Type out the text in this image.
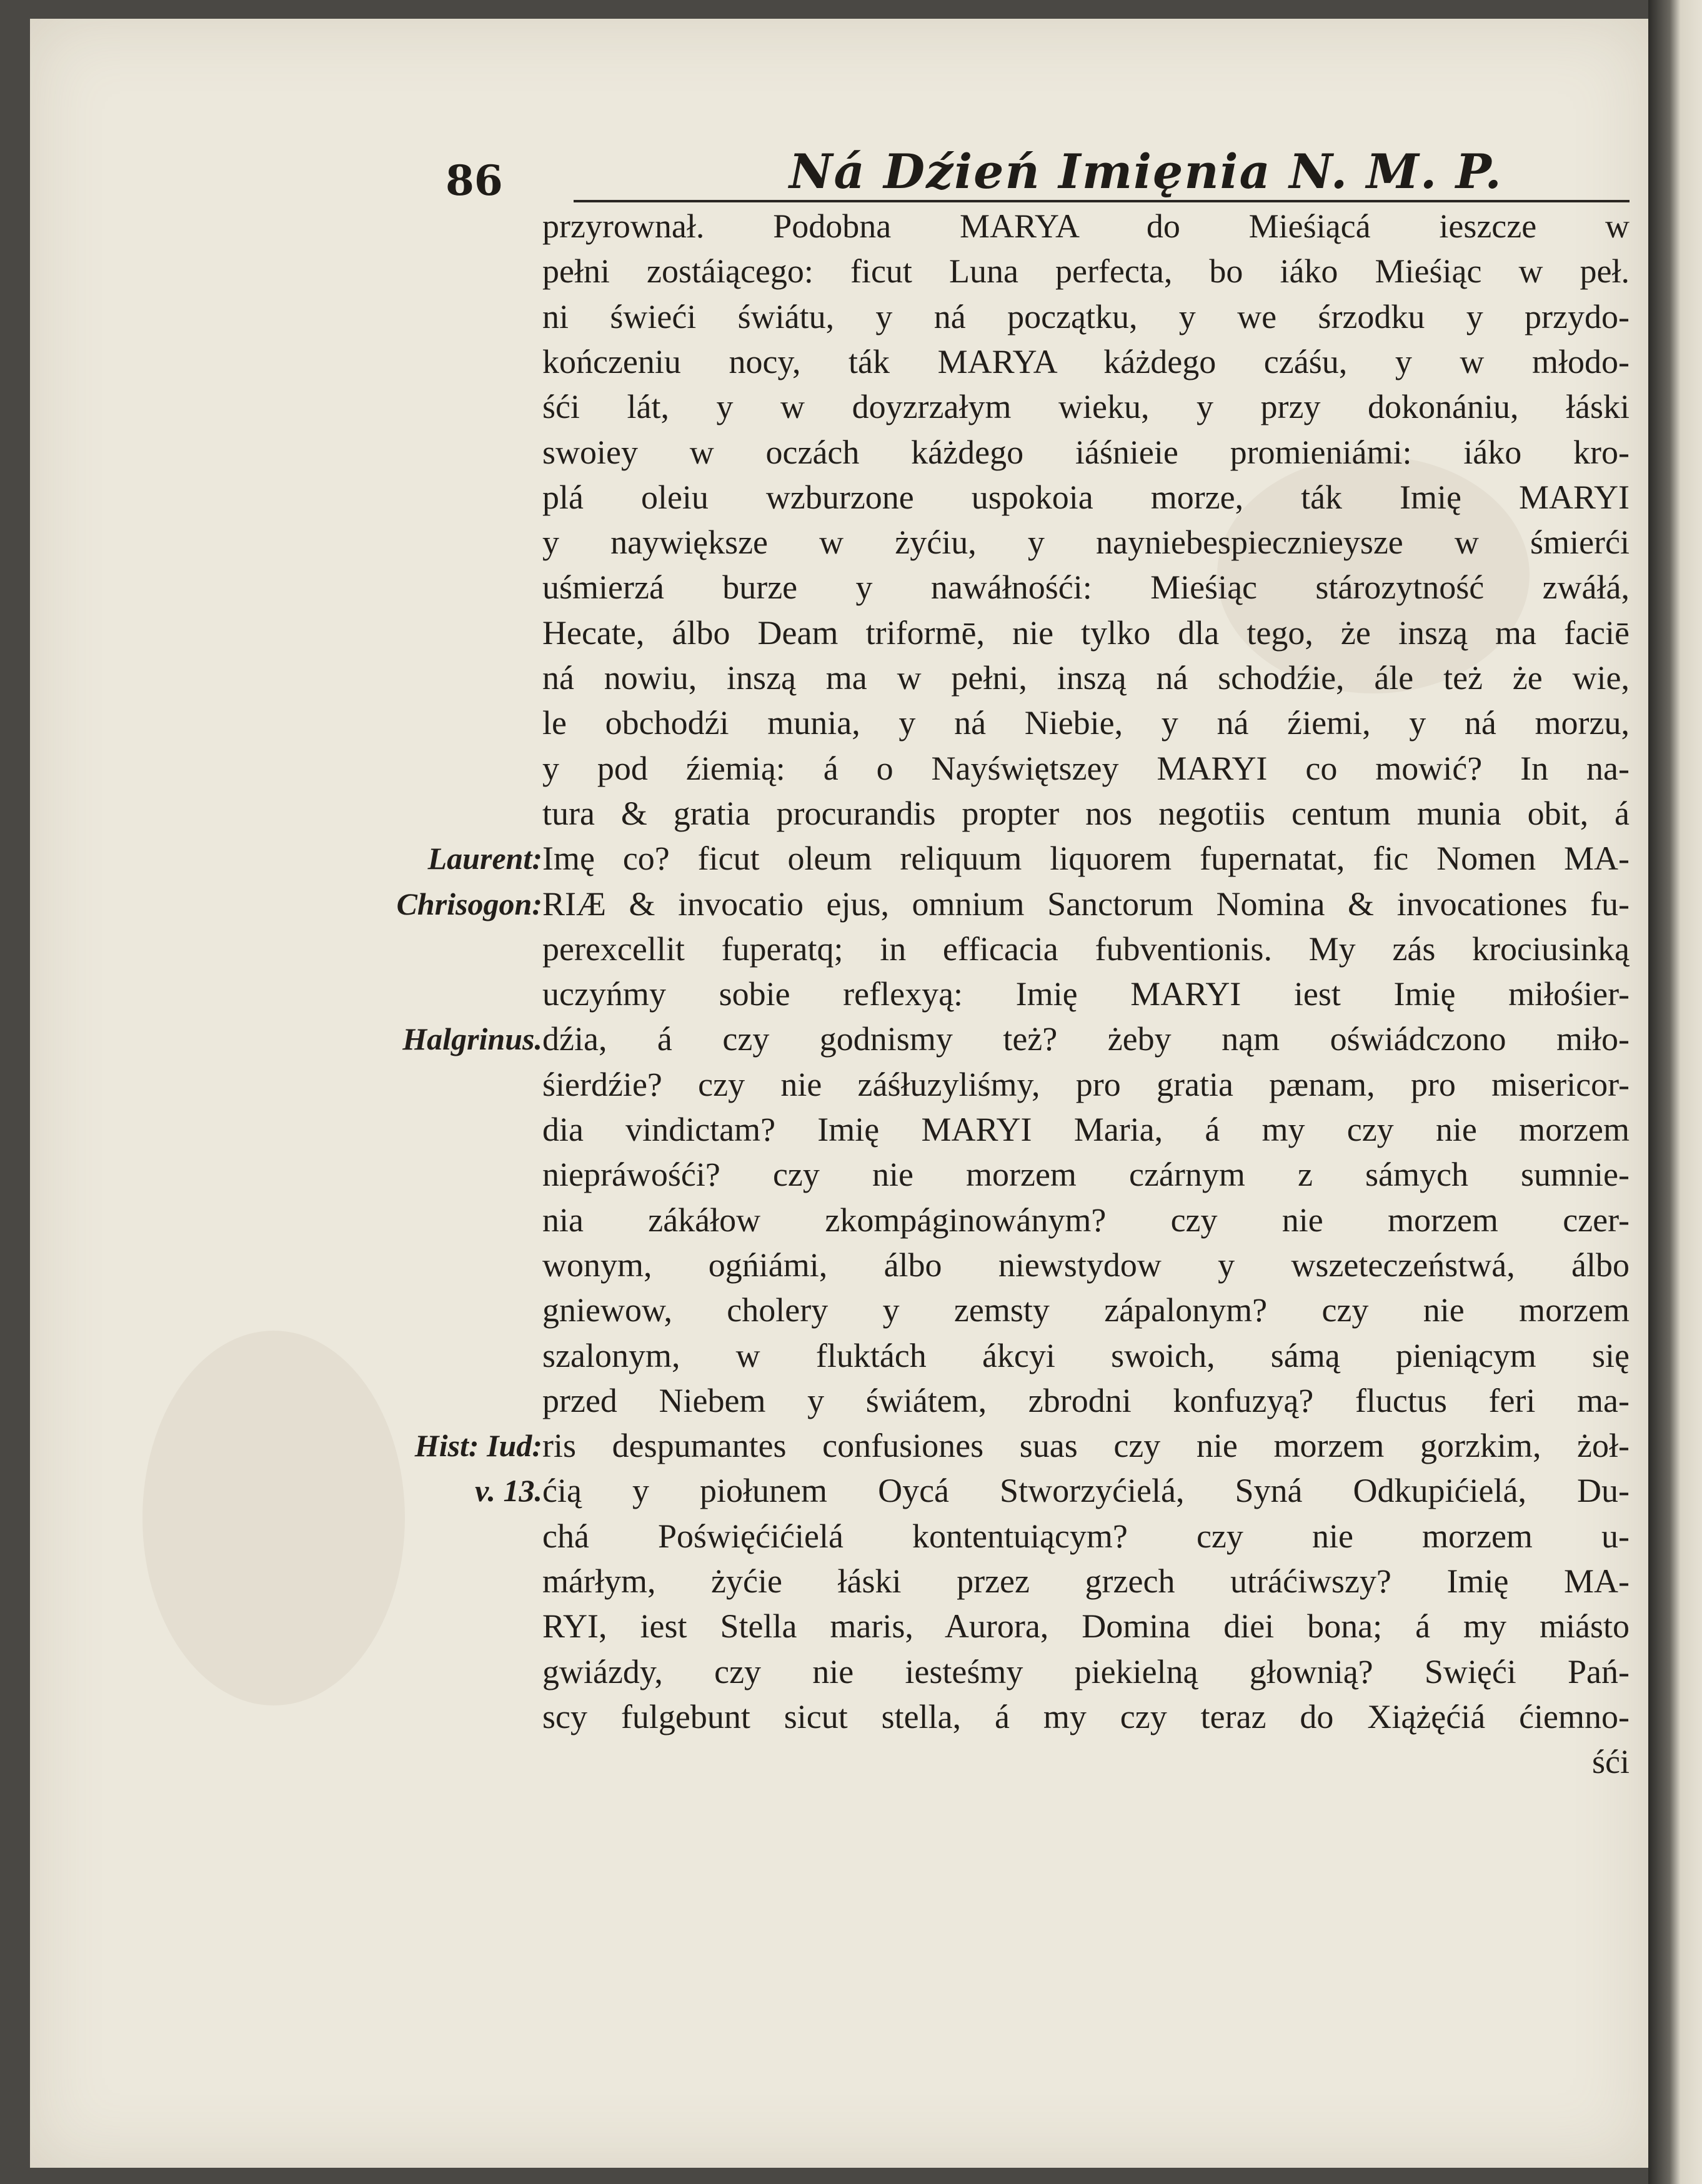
86	Ná Dźień Imięnia N. M. P.
przyrownał. Podobna MARYA do Mieśiącá ieszcze w
pełni zostáiącego: ficut Luna perfecta, bo iáko Mieśiąc w peł.
ni świeći świátu, y ná początku, y we śrzodku y przydo-
kończeniu nocy, ták MARYA káżdego czáśu, y w młodo-
śći lát, y w doyzrzałym wieku, y przy dokonániu, łáski
swoiey w oczách káżdego iáśnieie promieniámi: iáko kro-
plá oleiu wzburzone uspokoia morze, ták Imię MARYI
y naywiększe w żyćiu, y nayniebespiecznieysze w śmierći
uśmierzá burze y nawáłnośći: Mieśiąc stározytność zwáłá,
Hecate, álbo Deam triformē, nie tylko dla tego, że inszą ma faciē
ná nowiu, inszą ma w pełni, inszą ná schodźie, ále też że wie,
le obchodźi munia, y ná Niebie, y ná źiemi, y ná morzu,
y pod źiemią: á o Nayświętszey MARYI co mowić? In na-
tura & gratia procurandis propter nos negotiis centum munia obit, á
Imę co? ficut oleum reliquum liquorem fupernatat, fic Nomen MA-
RIÆ & invocatio ejus, omnium Sanctorum Nomina & invocationes fu-
perexcellit fuperatq; in efficacia fubventionis. My zás krociusinką
uczyńmy sobie reflexyą: Imię MARYI iest Imię miłośier-
dźia, á czy godnismy też? żeby nąm oświádczono miło-
śierdźie? czy nie záśłuzyliśmy, pro gratia pænam, pro misericor-
dia vindictam? Imię MARYI Maria, á my czy nie morzem
niepráwośći? czy nie morzem czárnym z sámych sumnie-
nia zákáłow zkompáginowánym? czy nie morzem czer-
wonym, ogńiámi, álbo niewstydow y wszeteczeństwá, álbo
gniewow, cholery y zemsty zápalonym? czy nie morzem
szalonym, w fluktách ákcyi swoich, sámą pieniącym się
przed Niebem y świátem, zbrodni konfuzyą? fluctus feri ma-
ris despumantes confusiones suas czy nie morzem gorzkim, żoł-
ćią y piołunem Oycá Stworzyćielá, Syná Odkupićielá, Du-
chá Poświęćićielá kontentuiącym? czy nie morzem u-
márłym, żyćie łáski przez grzech utráćiwszy? Imię MA-
RYI, iest Stella maris, Aurora, Domina diei bona; á my miásto
gwiázdy, czy nie iesteśmy piekielną głownią? Swięći Pań-
scy fulgebunt sicut stella, á my czy teraz do Xiążęćiá ćiemno-
śći
Laurent:
Chrisogon:
Halgrinus.
Hist: Iud:
v. 13.
